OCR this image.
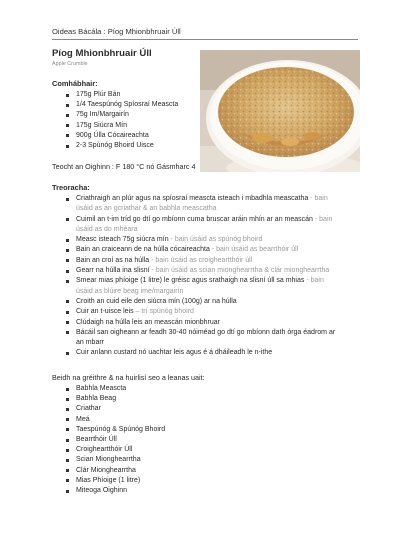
Oideas Bácála : Píog Mhionbhruair Úll
Píog Mhionbhruair Úll
Apple Crumble
Comhábhair:
175g Plúr Bán
1/4 Taespúnóg Spíosraí Meascta
75g Im/Margairín
175g Siúcra Mín
900g Úlla Cócaireachta
2-3 Spúnóg Bhoird Uisce
Teocht an Oighinn : F 180 °C nó Gásmharc 4
Treoracha:
Criathraigh an plúr agus na spíosraí meascta isteach i mbadhla meascatha - bain úsáid as an gcriathar & an babhla meascatha
Cuimil an t-im tríd go dtí go mbíonn cuma bruscar aráin mhín ar an meascán - bain úsáid as do mhéara
Measc isteach 75g siúcra mín - bain úsáid as spúnóg bhoird
Bain an craiceann de na húlla cócaireachta - bain úsáid as bearrthóir úll
Bain an croí as na húlla - bain úsáid as croigheartthóir úll
Gearr na húlla ina slisní - bain úsáid as scian mionghearrtha & clár mionghearrtha
Smear mias phíoige (1 litre) le gréisc agus srathaigh na slisní úll sa mhias - bain úsáid as blúire beag ime/margairín
Croith an cuid eile den siúcra mín (100g) ar na húlla
Cuir an t-uisce leis – trí spúnóg bhoird
Clúdaigh na húlla leis an meascán mionbhruar
Bácáil san oigheann ar feadh 30-40 nóiméad go dtí go mbíonn dath órga éadrom ar an mbarr
Cuir anlann custard nó uachtar leis agus é á dháileadh le n-ithe
Beidh na gréithre & na huirlisí seo a leanas uait:
Babhla Meascta
Babhla Beag
Criathar
Meá
Taespúnóg & Spúnóg Bhoird
Bearrthóir Úll
Croigheartthóir Úll
Scian Mionghearrtha
Clár Mionghearrtha
Mias Phíoige (1 litre)
Miteoga Oighinn
